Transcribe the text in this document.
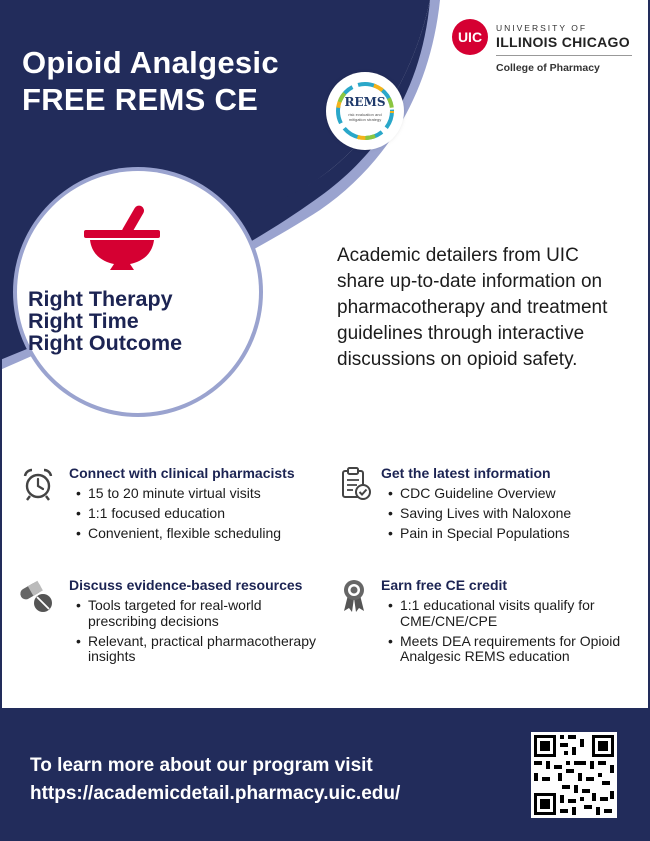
Opioid Analgesic
FREE REMS CE
UIC
UNIVERSITY OF
ILLINOIS CHICAGO
College of Pharmacy
REMS
risk evaluation and mitigation strategy
Right Therapy
Right Time
Right Outcome
Academic detailers from UIC share up-to-date information on pharmacotherapy and treatment guidelines through interactive discussions on opioid safety.
Connect with clinical pharmacists
• 15 to 20 minute virtual visits
• 1:1 focused education
• Convenient, flexible scheduling
Get the latest information
• CDC Guideline Overview
• Saving Lives with Naloxone
• Pain in Special Populations
Discuss evidence-based resources
• Tools targeted for real-world prescribing decisions
• Relevant, practical pharmacotherapy insights
Earn free CE credit
• 1:1 educational visits qualify for CME/CNE/CPE
• Meets DEA requirements for Opioid Analgesic REMS education
To learn more about our program visit
https://academicdetail.pharmacy.uic.edu/
